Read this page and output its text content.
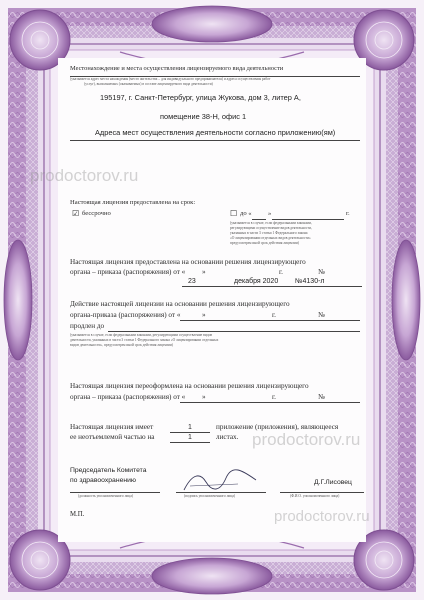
prodoctorov.ru
prodoctorov.ru
prodoctorov.ru
Местонахождение и места осуществления лицензируемого вида деятельности
(указывается адрес места нахождения (место жительства – для индивидуального предпринимателя) и адреса осуществления работ
(услуг), выполняемых (оказываемых) в составе лицензируемого вида деятельности)
195197, г. Санкт-Петербург, улица Жукова, дом 3, литер А,
помещение 38-Н, офис 1
Адреса мест осуществления деятельности согласно приложению(ям)
Настоящая лицензия предоставлена на срок:
☑ бессрочно	☐ до « »	г.
(указывается в случае, если федеральными законами,
регулирующими осуществление видов деятельности,
указанных в части 3 статьи 1 Федерального закона
«О лицензировании отдельных видов деятельности»
предусмотрен иной срок действия лицензии)
Настоящая лицензия предоставлена на основании решения лицензирующего
органа – приказа (распоряжения) от « »	г.	№
23	декабря 2020 №4130-л
Действие настоящей лицензии на основании решения лицензирующего
органа-приказа (распоряжения) от «	»	г.	№
продлен до
(указывается в случае, если федеральными законами, регулирующими осуществление видов
деятельности, указанных в части 3 статьи 1 Федерального закона «О лицензировании отдельных
видов деятельности», предусмотрен иной срок действия лицензии)
Настоящая лицензия переоформлена на основании решения лицензирующего
органа – приказа (распоряжения) от « »	г.	№
Настоящая лицензия имеет	1	приложение (приложения), являющееся
ее неотъемлемой частью на	1	листах.
Председатель Комитета
по здравоохранению
(должность уполномоченного лица)	(подпись уполномоченного лица)
Д.Г.Лисовец
(Ф.И.О. уполномоченного лица)
М.П.
